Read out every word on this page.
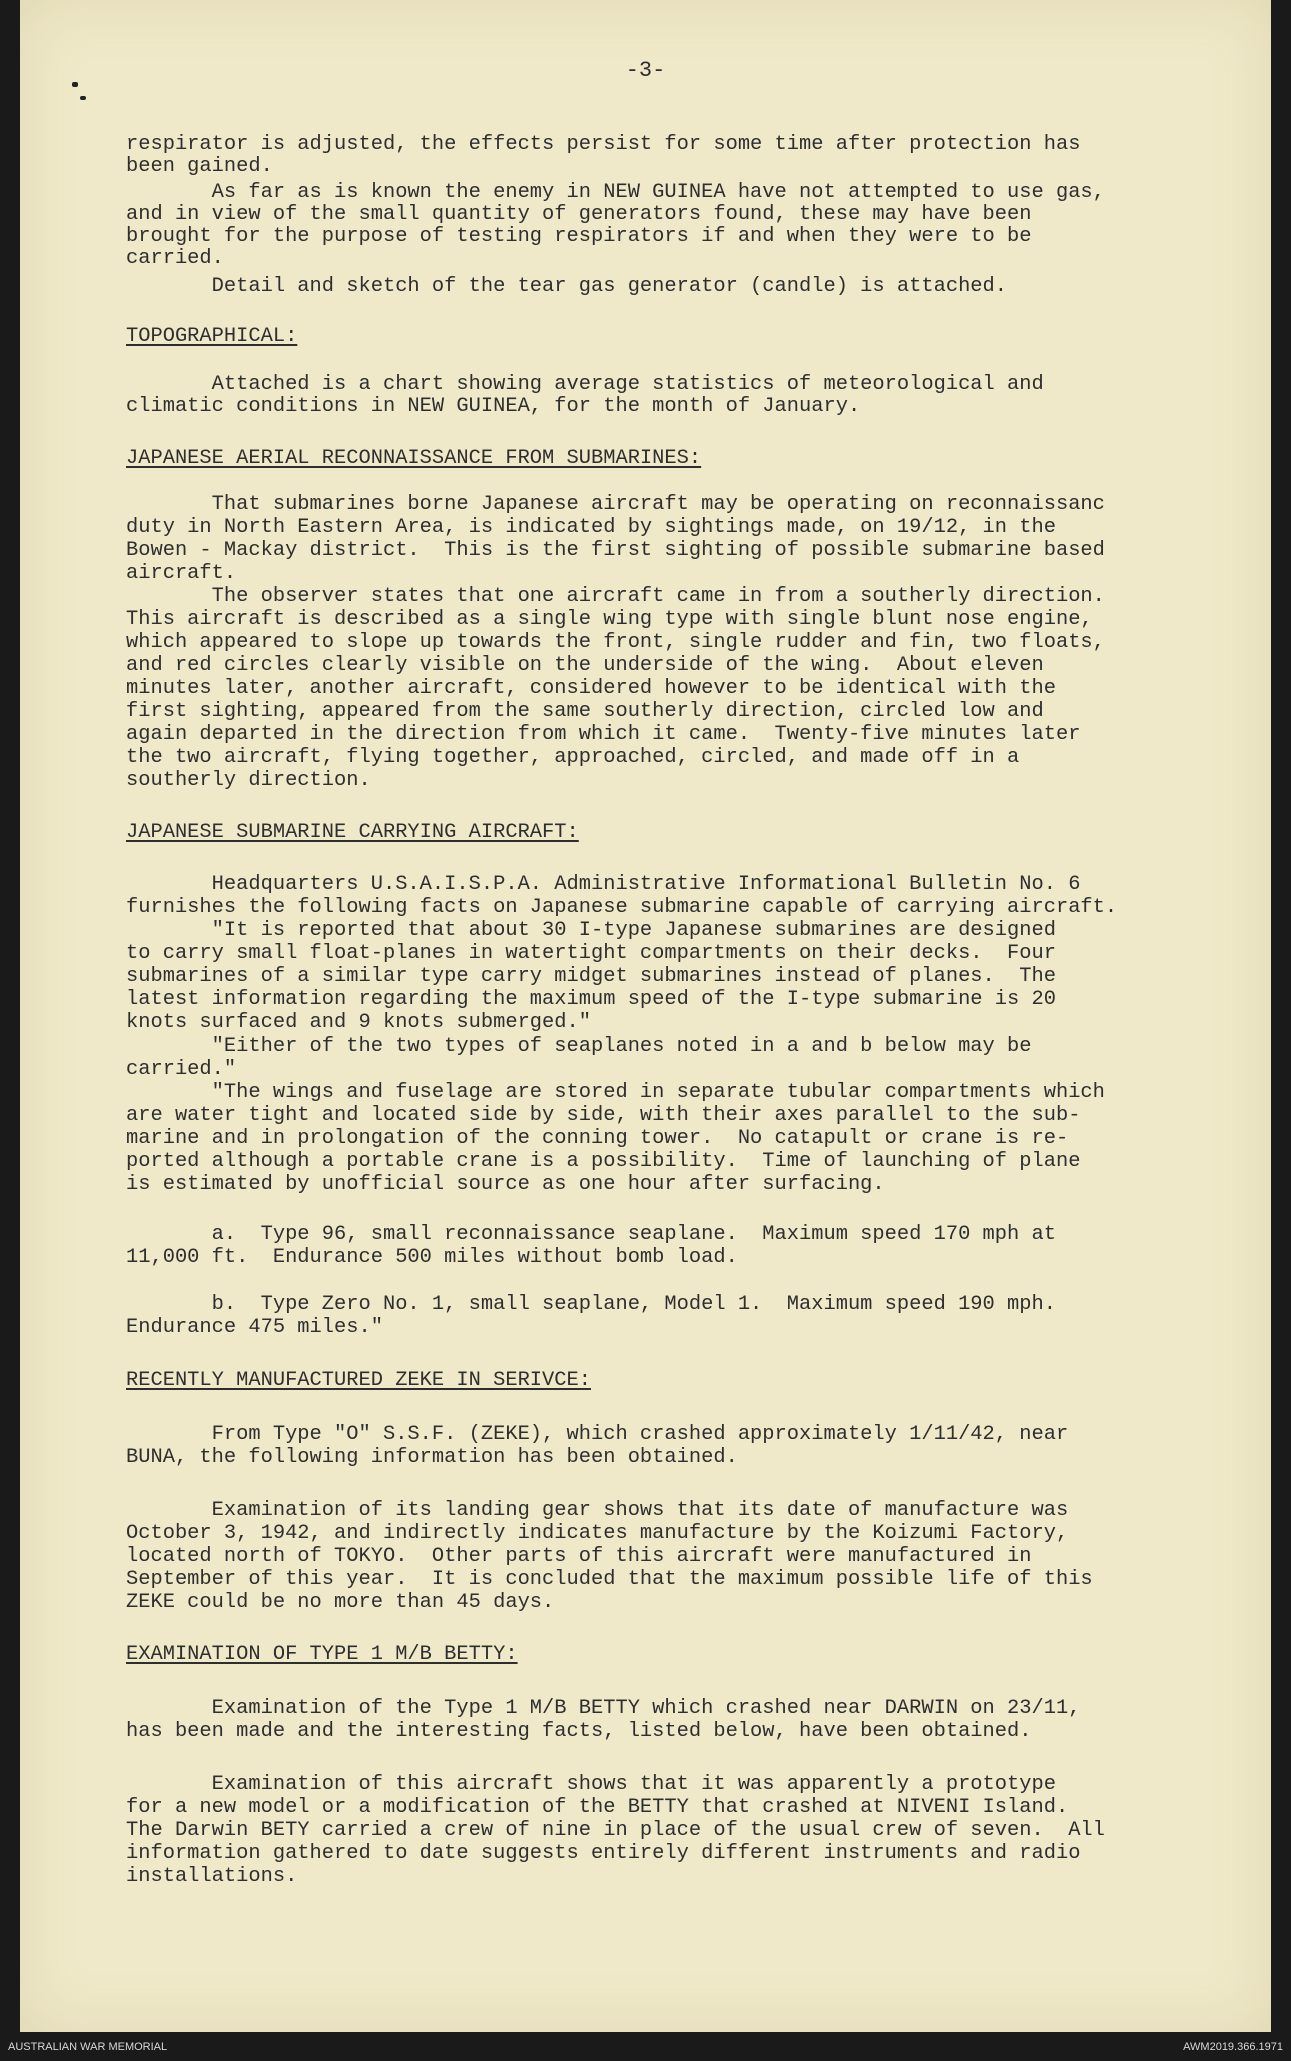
-3-
respirator is adjusted, the effects persist for some time after protection has
been gained.
As far as is known the enemy in NEW GUINEA have not attempted to use gas,
and in view of the small quantity of generators found, these may have been
brought for the purpose of testing respirators if and when they were to be
carried.
Detail and sketch of the tear gas generator (candle) is attached.
TOPOGRAPHICAL:
Attached is a chart showing average statistics of meteorological and
climatic conditions in NEW GUINEA, for the month of January.
JAPANESE AERIAL RECONNAISSANCE FROM SUBMARINES:
That submarines borne Japanese aircraft may be operating on reconnaissanc
duty in North Eastern Area, is indicated by sightings made, on 19/12, in the
Bowen - Mackay district.  This is the first sighting of possible submarine based
aircraft.
The observer states that one aircraft came in from a southerly direction.
This aircraft is described as a single wing type with single blunt nose engine,
which appeared to slope up towards the front, single rudder and fin, two floats,
and red circles clearly visible on the underside of the wing.  About eleven
minutes later, another aircraft, considered however to be identical with the
first sighting, appeared from the same southerly direction, circled low and
again departed in the direction from which it came.  Twenty-five minutes later
the two aircraft, flying together, approached, circled, and made off in a
southerly direction.
JAPANESE SUBMARINE CARRYING AIRCRAFT:
Headquarters U.S.A.I.S.P.A. Administrative Informational Bulletin No. 6
furnishes the following facts on Japanese submarine capable of carrying aircraft.
"It is reported that about 30 I-type Japanese submarines are designed
to carry small float-planes in watertight compartments on their decks.  Four
submarines of a similar type carry midget submarines instead of planes.  The
latest information regarding the maximum speed of the I-type submarine is 20
knots surfaced and 9 knots submerged."
"Either of the two types of seaplanes noted in a and b below may be
carried."
"The wings and fuselage are stored in separate tubular compartments which
are water tight and located side by side, with their axes parallel to the sub-
marine and in prolongation of the conning tower.  No catapult or crane is re-
ported although a portable crane is a possibility.  Time of launching of plane
is estimated by unofficial source as one hour after surfacing.
a.  Type 96, small reconnaissance seaplane.  Maximum speed 170 mph at
11,000 ft.  Endurance 500 miles without bomb load.
b.  Type Zero No. 1, small seaplane, Model 1.  Maximum speed 190 mph.
Endurance 475 miles."
RECENTLY MANUFACTURED ZEKE IN SERIVCE:
From Type "O" S.S.F. (ZEKE), which crashed approximately 1/11/42, near
BUNA, the following information has been obtained.
Examination of its landing gear shows that its date of manufacture was
October 3, 1942, and indirectly indicates manufacture by the Koizumi Factory,
located north of TOKYO.  Other parts of this aircraft were manufactured in
September of this year.  It is concluded that the maximum possible life of this
ZEKE could be no more than 45 days.
EXAMINATION OF TYPE 1 M/B BETTY:
Examination of the Type 1 M/B BETTY which crashed near DARWIN on 23/11,
has been made and the interesting facts, listed below, have been obtained.
Examination of this aircraft shows that it was apparently a prototype
for a new model or a modification of the BETTY that crashed at NIVENI Island.
The Darwin BETY carried a crew of nine in place of the usual crew of seven.  All
information gathered to date suggests entirely different instruments and radio
installations.
AUSTRALIAN WAR MEMORIAL	AWM2019.366.1971
